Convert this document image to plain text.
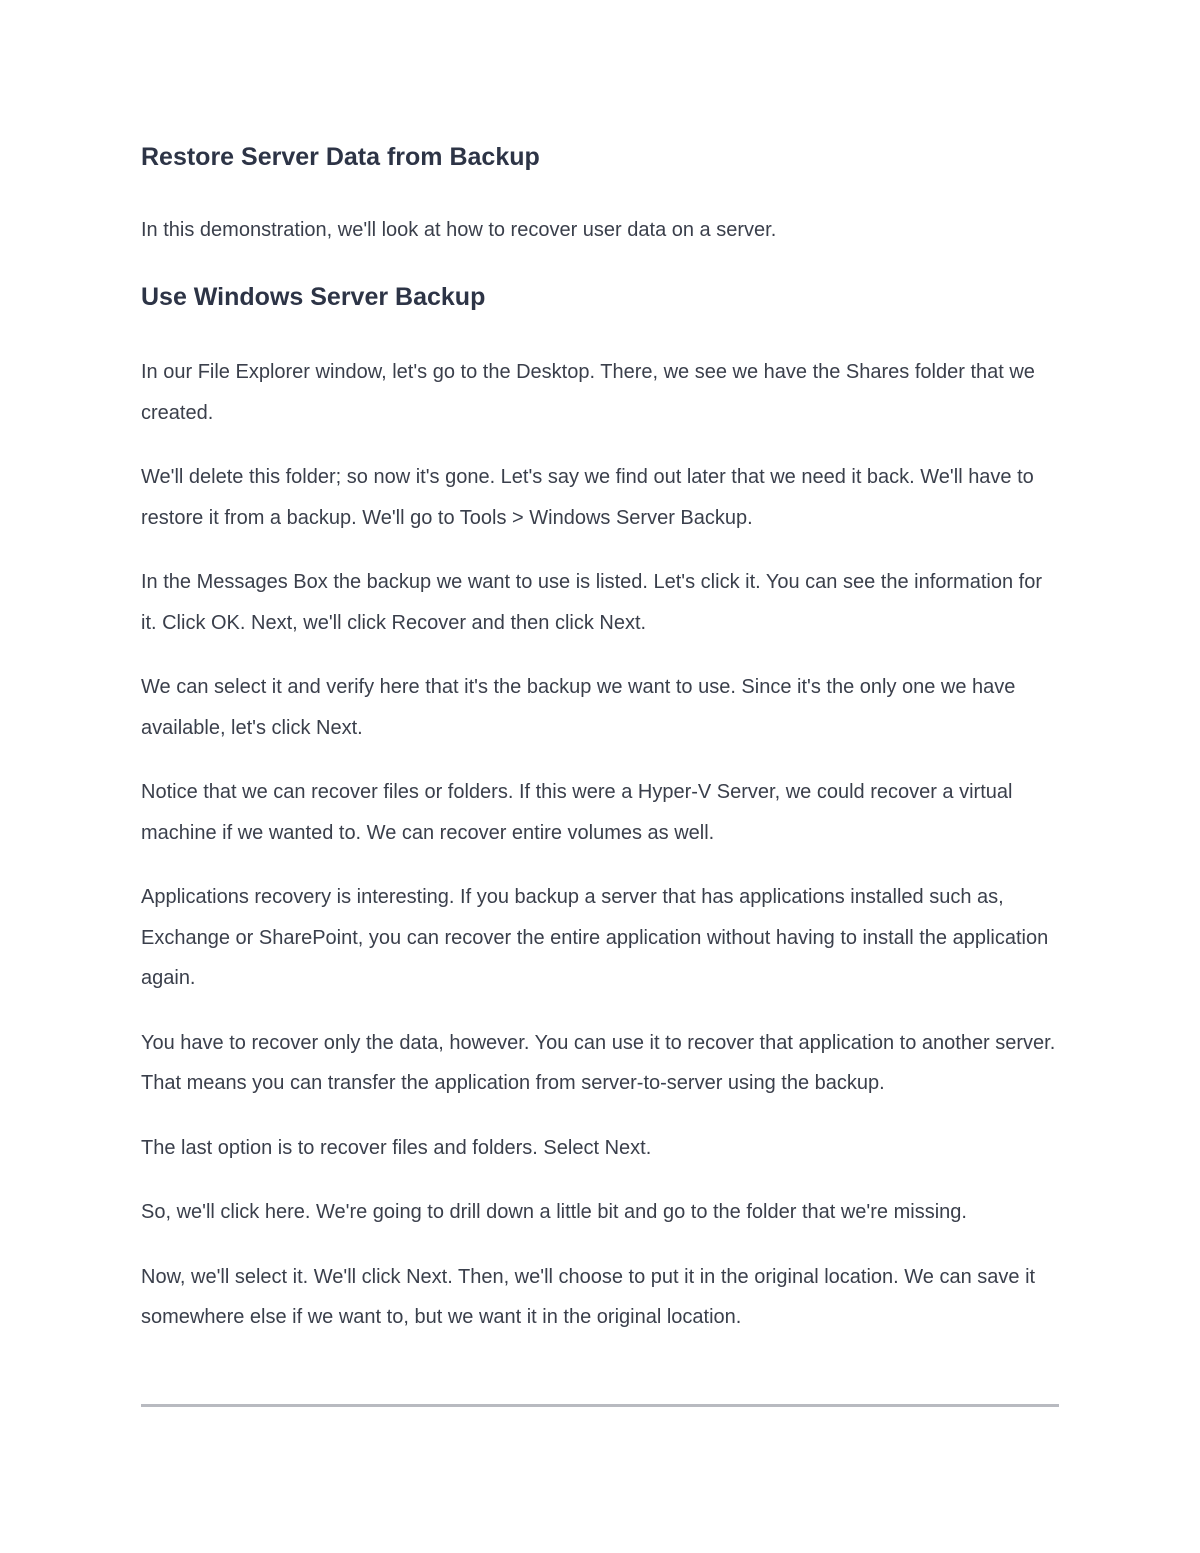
Restore Server Data from Backup

In this demonstration, we'll look at how to recover user data on a server.

Use Windows Server Backup

In our File Explorer window, let's go to the Desktop. There, we see we have the Shares folder that we created.

We'll delete this folder; so now it's gone. Let's say we find out later that we need it back. We'll have to restore it from a backup. We'll go to Tools > Windows Server Backup.

In the Messages Box the backup we want to use is listed. Let's click it. You can see the information for it. Click OK. Next, we'll click Recover and then click Next.

We can select it and verify here that it's the backup we want to use. Since it's the only one we have available, let's click Next.

Notice that we can recover files or folders. If this were a Hyper-V Server, we could recover a virtual machine if we wanted to. We can recover entire volumes as well.

Applications recovery is interesting. If you backup a server that has applications installed such as, Exchange or SharePoint, you can recover the entire application without having to install the application again.

You have to recover only the data, however. You can use it to recover that application to another server. That means you can transfer the application from server-to-server using the backup.

The last option is to recover files and folders. Select Next.

So, we'll click here. We're going to drill down a little bit and go to the folder that we're missing.

Now, we'll select it. We'll click Next. Then, we'll choose to put it in the original location. We can save it somewhere else if we want to, but we want it in the original location.
